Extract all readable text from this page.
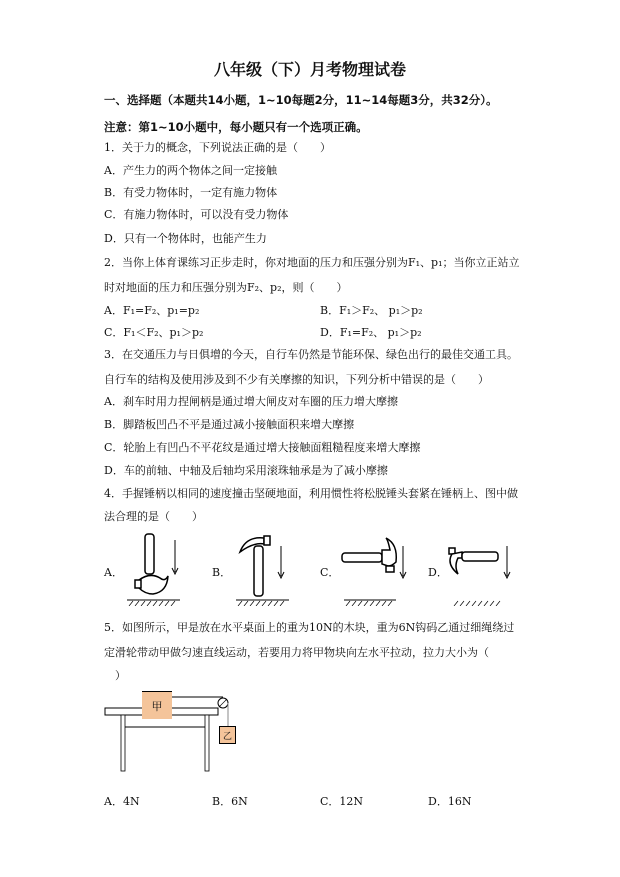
八年级（下）月考物理试卷
一、选择题（本题共14小题，1~10每题2分，11~14每题3分，共32分）。
注意：第1~10小题中，每小题只有一个选项正确。
1．关于力的概念，下列说法正确的是（　　）
A．产生力的两个物体之间一定接触
B．有受力物体时，一定有施力物体
C．有施力物体时，可以没有受力物体
D．只有一个物体时，也能产生力
2．当你上体育课练习正步走时，你对地面的压力和压强分别为F₁、p₁；当你立正站立
时对地面的压力和压强分别为F₂、p₂，则（　　）
A．F₁=F₂、p₁=p₂	B．F₁＞F₂、 p₁＞p₂
C．F₁＜F₂、p₁＞p₂	D．F₁=F₂、 p₁＞p₂
3．在交通压力与日俱增的今天，自行车仍然是节能环保、绿色出行的最佳交通工具。
自行车的结构及使用涉及到不少有关摩擦的知识，下列分析中错误的是（　　）
A．刹车时用力捏闸柄是通过增大闸皮对车圈的压力增大摩擦
B．脚踏板凹凸不平是通过减小接触面积来增大摩擦
C．轮胎上有凹凸不平花纹是通过增大接触面粗糙程度来增大摩擦
D．车的前轴、中轴及后轴均采用滚珠轴承是为了减小摩擦
4．手握锤柄以相同的速度撞击坚硬地面，利用惯性将松脱锤头套紧在锤柄上、图中做
法合理的是（　　）
A．	B．	C．	D．
5．如图所示，甲是放在水平桌面上的重为10N的木块，重为6N钩码乙通过细绳绕过
定滑轮带动甲做匀速直线运动，若要用力将甲物块向左水平拉动，拉力大小为（
　）
甲
乙
A．4N	B．6N	C．12N	D．16N
